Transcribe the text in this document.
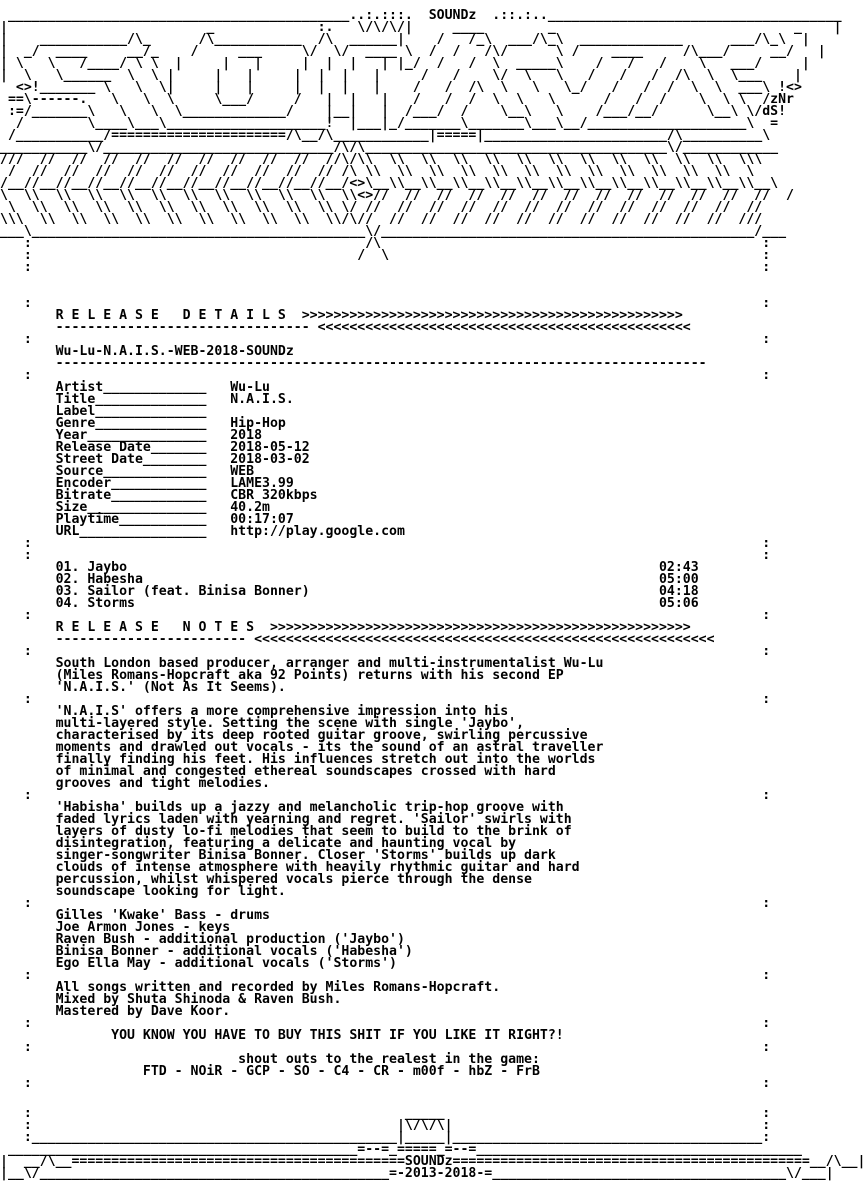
___________________________________________..:.:::.  SOUNDz  .::.:.._____________________________________
|                         _             :.   \/\/\/|     ____        _                              _    |
|    ___________/\_      /\___________  /\  ______|    /   /_\  ___/\_\  _____________      ___/\_\  |
|  _/  ____     __/_    /     ___     \/  \/  ____ \  /  /   /\/      \ /    ____     /\___/     __/   |
| \   \   /____/ \ \  |     |   |     |  |  |   | |_/  /   /  \  _____\    /   /   /    \   ___/     |
|  \   \______  \  \ |     |   |     |  |  |   |     /   /    \/  \   \   /   /   /  /\  \  \___    |
<>!_______ \   \  \|     |   |     |  |  |   |    /   /  /\  \   \   \_/   /   /  /  \  \  ___\ !<>
==\------.   \   \  \     \___/     /   |  |   |   /   /  /  \  \   \      /   /  /    \  \ \  /zNr
:=/_______\   \   \  \_____________/    |__|   |  /___/  /    \__\   \    /___/__/      \__\ \/dS!
/        \____\___\____________________!  |___|_/_______\_______\___\__/____________________\  =
/___________/======================/\__/\____________|=====|_______________________/\__________\
___________\/_____________________________/\/\______________________________________\/____________
///  //  //  //  //  //  //  //  //  //  //\/\\  \\  \\  \\  \\  \\  \\  \\  \\  \\  \\  \\  \\\
/  //  //  //  //  //  //  //  //  //  // /\ \\  \\  \\  \\  \\  \\  \\  \\  \\  \\  \\  \\  \
/__//__//__//__//__//__//__//__//__//__//__/<>\__\\__\\__\\__\\__\\__\\__\\__\\__\\__\\__\\__\\__\
\  \\  \\  \\  \\  \\  \\  \\  \\  \\  \\  \\<>//  //  //  //  //  //  //  //  //  //  //  //  //  /
\  \\  \\  \\  \\  \\  \\  \\  \\  \\  \\ \/ //  //  //  //  //  //  //  //  //  //  //  //  //
\\\  \\  \\  \\  \\  \\  \\  \\  \\  \\  \\/\//  //  //  //  //  //  //  //  //  //  //  //  ///
___\__________________________________________\/_______________________________________________/___
:                                          /\                                                :
:                                         /  \                                               :
:                                                                                            :
:                                                                                            :
R E L E A S E   D E T A I L S  >>>>>>>>>>>>>>>>>>>>>>>>>>>>>>>>>>>>>>>>>>>>>>>>
-------------------------------- <<<<<<<<<<<<<<<<<<<<<<<<<<<<<<<<<<<<<<<<<<<<<<<
:                                                                                            :
Wu-Lu-N.A.I.S.-WEB-2018-SOUNDz
----------------------------------------------------------------------------------
:                                                                                            :
Artist_____________   Wu-Lu
Title______________   N.A.I.S.
Label______________
Genre______________   Hip-Hop
Year_______________   2018
Release Date_______   2018-05-12
Street Date________   2018-03-02
Source_____________   WEB
Encoder____________   LAME3.99
Bitrate____________   CBR 320kbps
Size_______________   40.2m
Playtime___________   00:17:07
URL________________   http://play.google.com
:                                                                                            :
:                                                                                            :
01. Jaybo                                                                   02:43
02. Habesha                                                                 05:00
03. Sailor (feat. Binisa Bonner)                                            04:18
04. Storms                                                                  05:06
:                                                                                            :
R E L E A S E   N O T E S  >>>>>>>>>>>>>>>>>>>>>>>>>>>>>>>>>>>>>>>>>>>>>>>>>>>>>
------------------------ <<<<<<<<<<<<<<<<<<<<<<<<<<<<<<<<<<<<<<<<<<<<<<<<<<<<<<<<<<
:                                                                                            :
South London based producer, arranger and multi-instrumentalist Wu-Lu
(Miles Romans-Hopcraft aka 92 Points) returns with his second EP
'N.A.I.S.' (Not As It Seems).
:                                                                                            :
'N.A.I.S' offers a more comprehensive impression into his
multi-layered style. Setting the scene with single 'Jaybo',
characterised by its deep rooted guitar groove, swirling percussive
moments and drawled out vocals - its the sound of an astral traveller
finally finding his feet. His influences stretch out into the worlds
of minimal and congested ethereal soundscapes crossed with hard
grooves and tight melodies.
:                                                                                            :
'Habisha' builds up a jazzy and melancholic trip-hop groove with
faded lyrics laden with yearning and regret. 'Sailor' swirls with
layers of dusty lo-fi melodies that seem to build to the brink of
disintegration, featuring a delicate and haunting vocal by
singer-songwriter Binisa Bonner. Closer 'Storms' builds up dark
clouds of intense atmosphere with heavily rhythmic guitar and hard
percussion, whilst whispered vocals pierce through the dense
soundscape looking for light.
:                                                                                            :
Gilles 'Kwake' Bass - drums
Joe Armon Jones - keys
Raven Bush - additional production ('Jaybo')
Binisa Bonner - additional vocals ('Habesha')
Ego Ella May - additional vocals ('Storms')
:                                                                                            :
All songs written and recorded by Miles Romans-Hopcraft.
Mixed by Shuta Shinoda & Raven Bush.
Mastered by Dave Koor.
:                                                                                            :
YOU KNOW YOU HAVE TO BUY THIS SHIT IF YOU LIKE IT RIGHT?!
:                                                                                            :
shout outs to the realest in the game:
FTD - NOiR - GCP - SO - C4 - CR - m00f - hbZ - FrB
:                                                                                            :
:                                               _____                                        :
:                                              |\/\/\|                                       :
:______________________________________________|_____|_______________________________________:
____________________________________________=--=_=====_=--=_________________________________________
|  __/\__==========================================SOUNDz=============================================__/\__|
|__\/____________________________________________=-2013-2018-=_____________________________________\/___|
